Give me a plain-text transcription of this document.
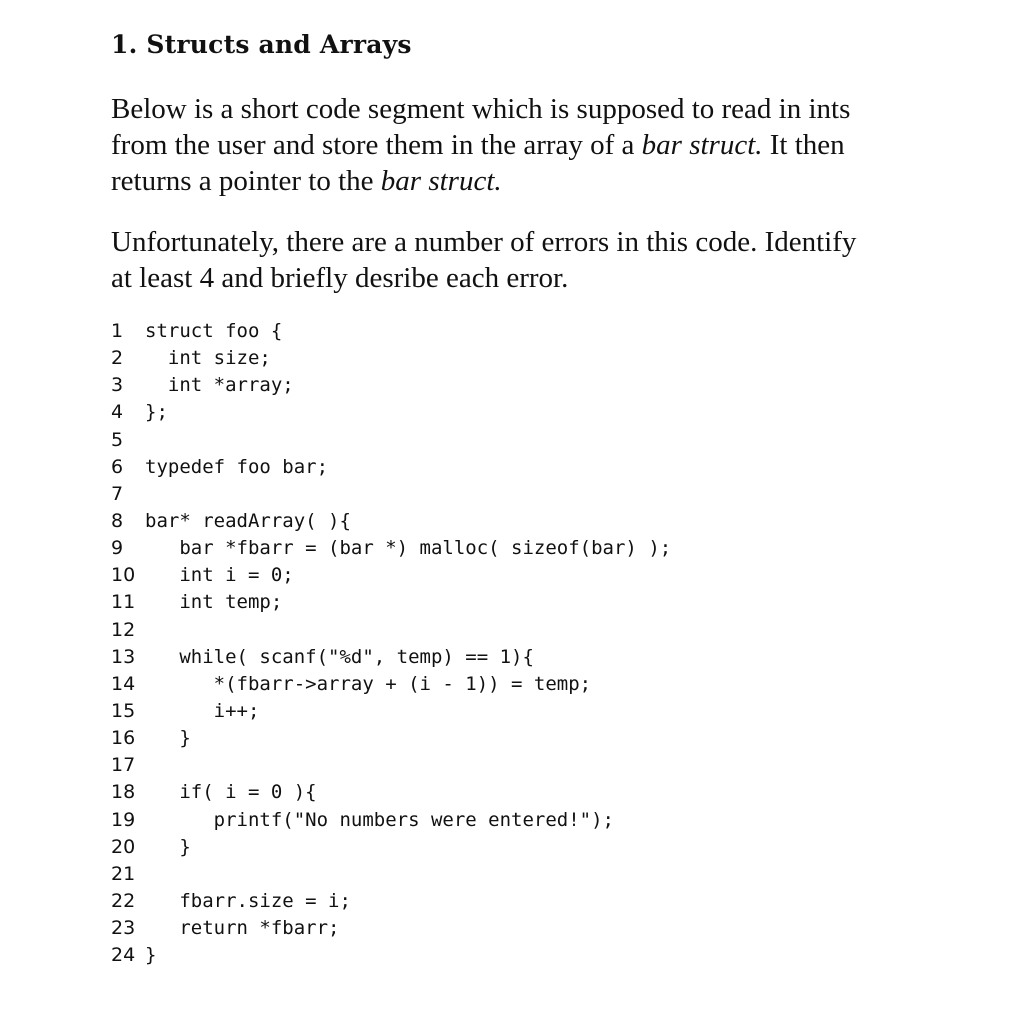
1. Structs and Arrays

Below is a short code segment which is supposed to read in ints
from the user and store them in the array of a bar struct. It then
returns a pointer to the bar struct.

Unfortunately, there are a number of errors in this code. Identify
at least 4 and briefly desribe each error.

1 struct foo {
2  int size;
3  int *array;
4 };
5
6 typedef foo bar;
7
8 bar* readArray( ){
9   bar *fbarr = (bar *) malloc( sizeof(bar) );
10   int i = 0;
11   int temp;
12
13   while( scanf("%d", temp) == 1){
14      *(fbarr->array + (i - 1)) = temp;
15      i++;
16   }
17
18   if( i = 0 ){
19      printf("No numbers were entered!");
20   }
21
22   fbarr.size = i;
23   return *fbarr;
24 }
